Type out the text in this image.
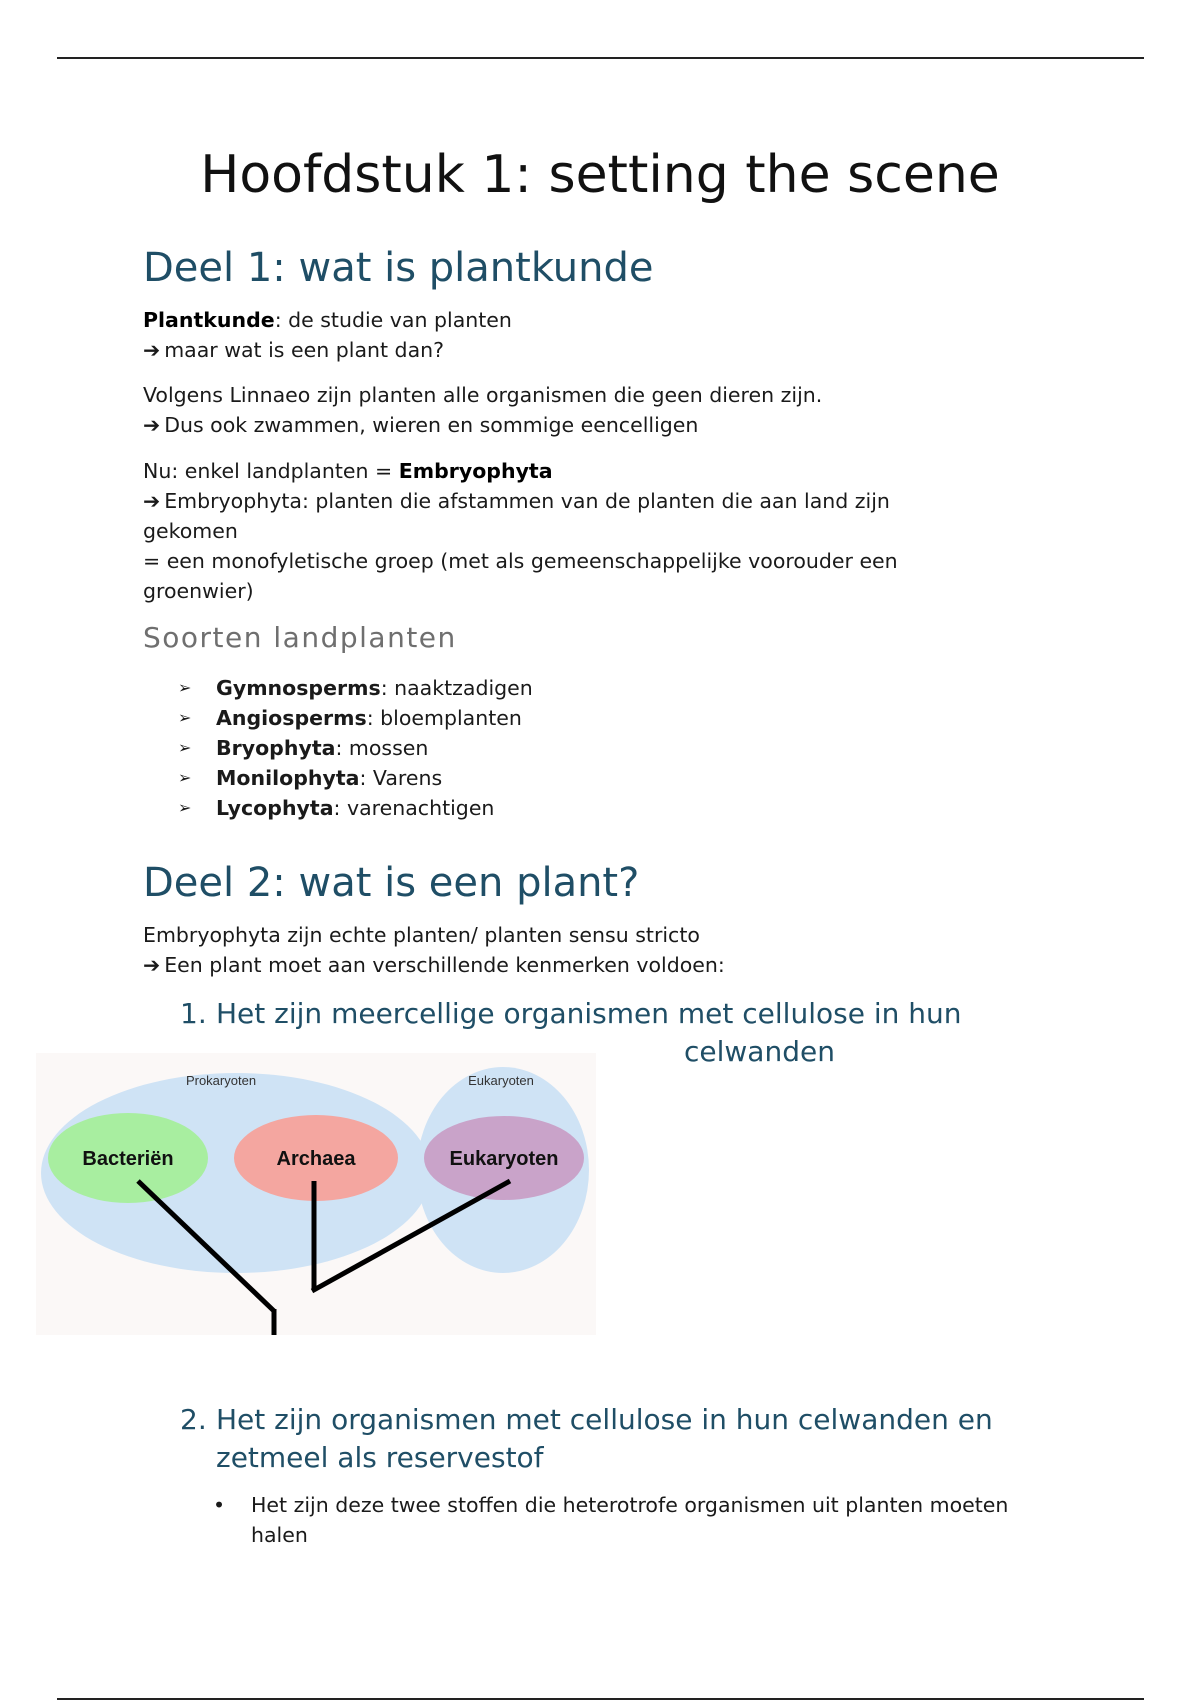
Hoofdstuk 1: setting the scene
Deel 1: wat is plantkunde
Plantkunde: de studie van planten
➔ maar wat is een plant dan?
Volgens Linnaeo zijn planten alle organismen die geen dieren zijn.
➔ Dus ook zwammen, wieren en sommige eencelligen
Nu: enkel landplanten = Embryophyta
➔ Embryophyta: planten die afstammen van de planten die aan land zijn gekomen
= een monofyletische groep (met als gemeenschappelijke voorouder een groenwier)
Soorten landplanten
➢ Gymnosperms: naaktzadigen
➢ Angiosperms: bloemplanten
➢ Bryophyta: mossen
➢ Monilophyta: Varens
➢ Lycophyta: varenachtigen
Deel 2: wat is een plant?
Embryophyta zijn echte planten/ planten sensu stricto
➔ Een plant moet aan verschillende kenmerken voldoen:
1. Het zijn meercellige organismen met cellulose in hun
celwanden
Prokaryoten	Eukaryoten
Bacteriën	Archaea	Eukaryoten
2. Het zijn organismen met cellulose in hun celwanden en
zetmeel als reservestof
• Het zijn deze twee stoffen die heterotrofe organismen uit planten moeten halen
